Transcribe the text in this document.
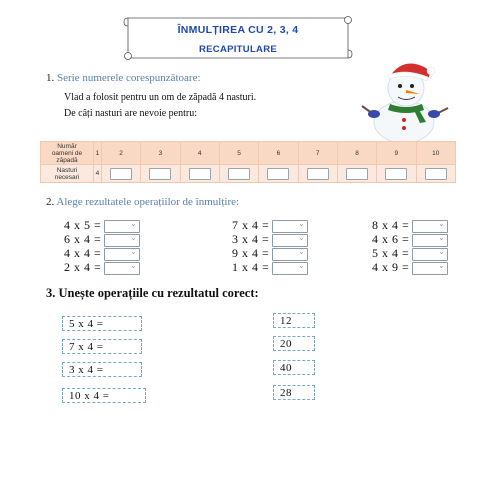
ÎNMULȚIREA CU 2, 3, 4
RECAPITULARE
1. Serie numerele corespunzătoare:
Vlad a folosit pentru un om de zăpadă 4 nasturi.
De câți nasturi are nevoie pentru:
Număr
oameni de
zăpadă	1	2	3	4	5	6	7	8	9	10

Nasturi
necesari	4									
2. Alege rezultatele operațiilor de înmulțire:
4 x 5 =⌄
6 x 4 =⌄
4 x 4 =⌄
2 x 4 =⌄
7 x 4 =⌄
3 x 4 =⌄
9 x 4 =⌄
1 x 4 =⌄
8 x 4 =⌄
4 x 6 =⌄
5 x 4 =⌄
4 x 9 =⌄
3. Unește operațiile cu rezultatul corect:
5 x 4 =
7 x 4 =
3 x 4 =
10 x 4 =
12
20
40
28
